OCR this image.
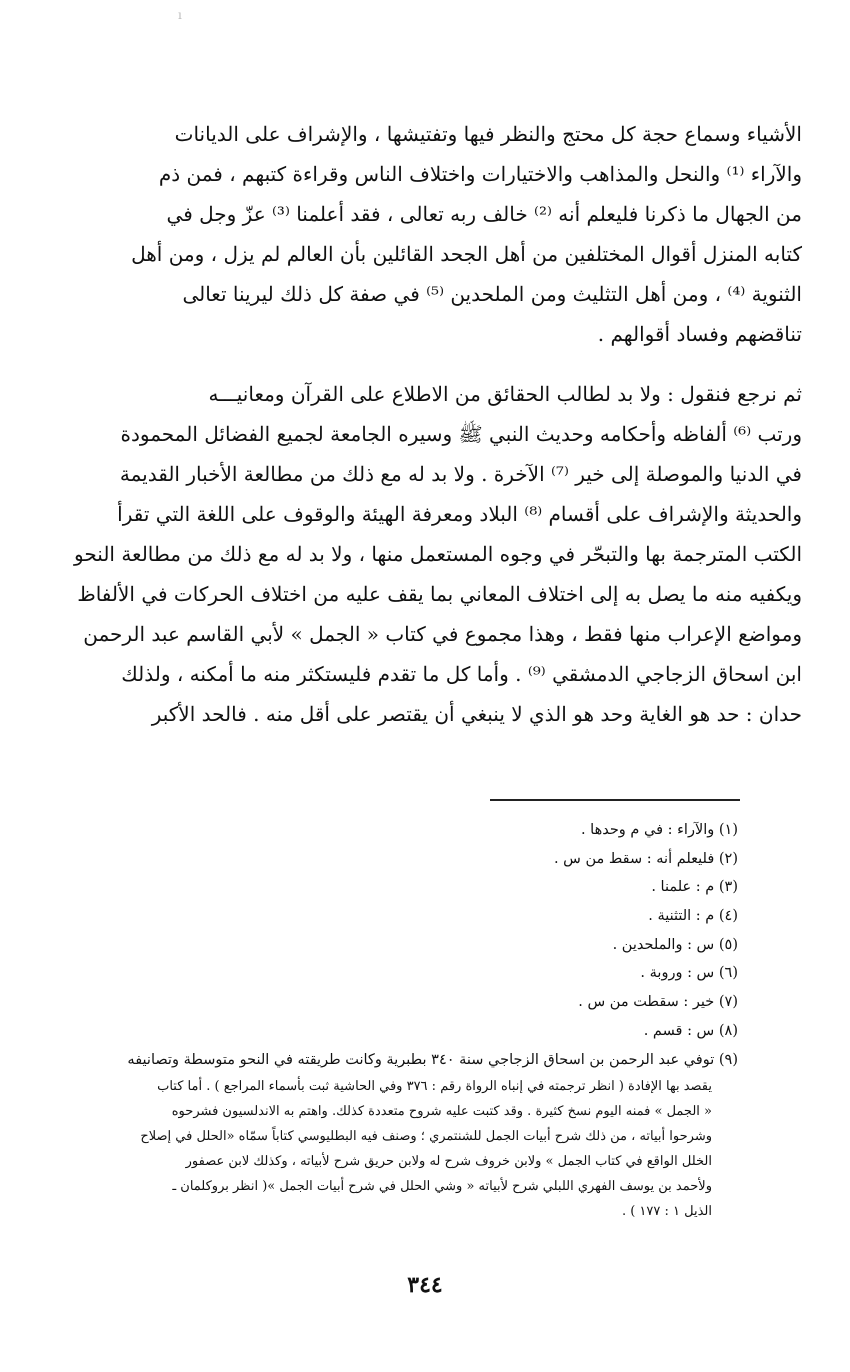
ı
الأشياء وسماع حجة كل محتج والنظر فيها وتفتيشها ، والإشراف على الديانات
والآراء ⁽¹⁾ والنحل والمذاهب والاختيارات واختلاف الناس وقراءة كتبهم ، فمن ذم
من الجهال ما ذكرنا فليعلم أنه ⁽²⁾ خالف ربه تعالى ، فقد أعلمنا ⁽³⁾ عزّ وجل في
كتابه المنزل أقوال المختلفين من أهل الجحد القائلين بأن العالم لم يزل ، ومن أهل
الثنوية ⁽⁴⁾ ، ومن أهل التثليث ومن الملحدين ⁽⁵⁾ في صفة كل ذلك ليرينا تعالى
تناقضهم وفساد أقوالهم .
ثم نرجع فنقول : ولا بد لطالب الحقائق من الاطلاع على القرآن ومعانيـــه
ورتب ⁽⁶⁾ ألفاظه وأحكامه وحديث النبي ﷺ وسيره الجامعة لجميع الفضائل المحمودة
في الدنيا والموصلة إلى خير ⁽⁷⁾ الآخرة . ولا بد له مع ذلك من مطالعة الأخبار القديمة
والحديثة والإشراف على أقسام ⁽⁸⁾ البلاد ومعرفة الهيئة والوقوف على اللغة التي تقرأ
الكتب المترجمة بها والتبحّر في وجوه المستعمل منها ، ولا بد له مع ذلك من مطالعة النحو
ويكفيه منه ما يصل به إلى اختلاف المعاني بما يقف عليه من اختلاف الحركات في الألفاظ
ومواضع الإعراب منها فقط ، وهذا مجموع في كتاب « الجمل » لأبي القاسم عبد الرحمن
ابن اسحاق الزجاجي الدمشقي ⁽⁹⁾ . وأما كل ما تقدم فليستكثر منه ما أمكنه ، ولذلك
حدان : حد هو الغاية وحد هو الذي لا ينبغي أن يقتصر على أقل منه . فالحد الأكبر
(١) والآراء : في م وحدها .
(٢) فليعلم أنه : سقط من س .
(٣) م : علمنا .
(٤) م : التثنية .
(٥) س : والملحدين .
(٦) س : وروبة .
(٧) خير : سقطت من س .
(٨) س : قسم .
(٩) توفي عبد الرحمن بن اسحاق الزجاجي سنة ٣٤٠ بطبرية وكانت طريقته في النحو متوسطة وتصانيفه
يقصد بها الإفادة ( انظر ترجمته في إنباه الرواة رقم : ٣٧٦ وفي الحاشية ثبت بأسماء المراجع ) . أما كتاب
« الجمل » فمنه اليوم نسخ كثيرة . وقد كتبت عليه شروح متعددة كذلك. واهتم به الاندلسيون فشرحوه
وشرحوا أبياته ، من ذلك شرح أبيات الجمل للشنتمري ؛ وصنف فيه البطليوسي كتاباً سمّاه «الحلل في إصلاح
الخلل الواقع في كتاب الجمل » ولابن خروف شرح له ولابن حريق شرح لأبياته ، وكذلك لابن عصفور
ولأحمد بن يوسف الفهري اللبلي شرح لأبياته « وشي الحلل في شرح أبيات الجمل »( انظر بروكلمان ـ
الذيل ١ : ١٧٧ ) .
٣٤٤
